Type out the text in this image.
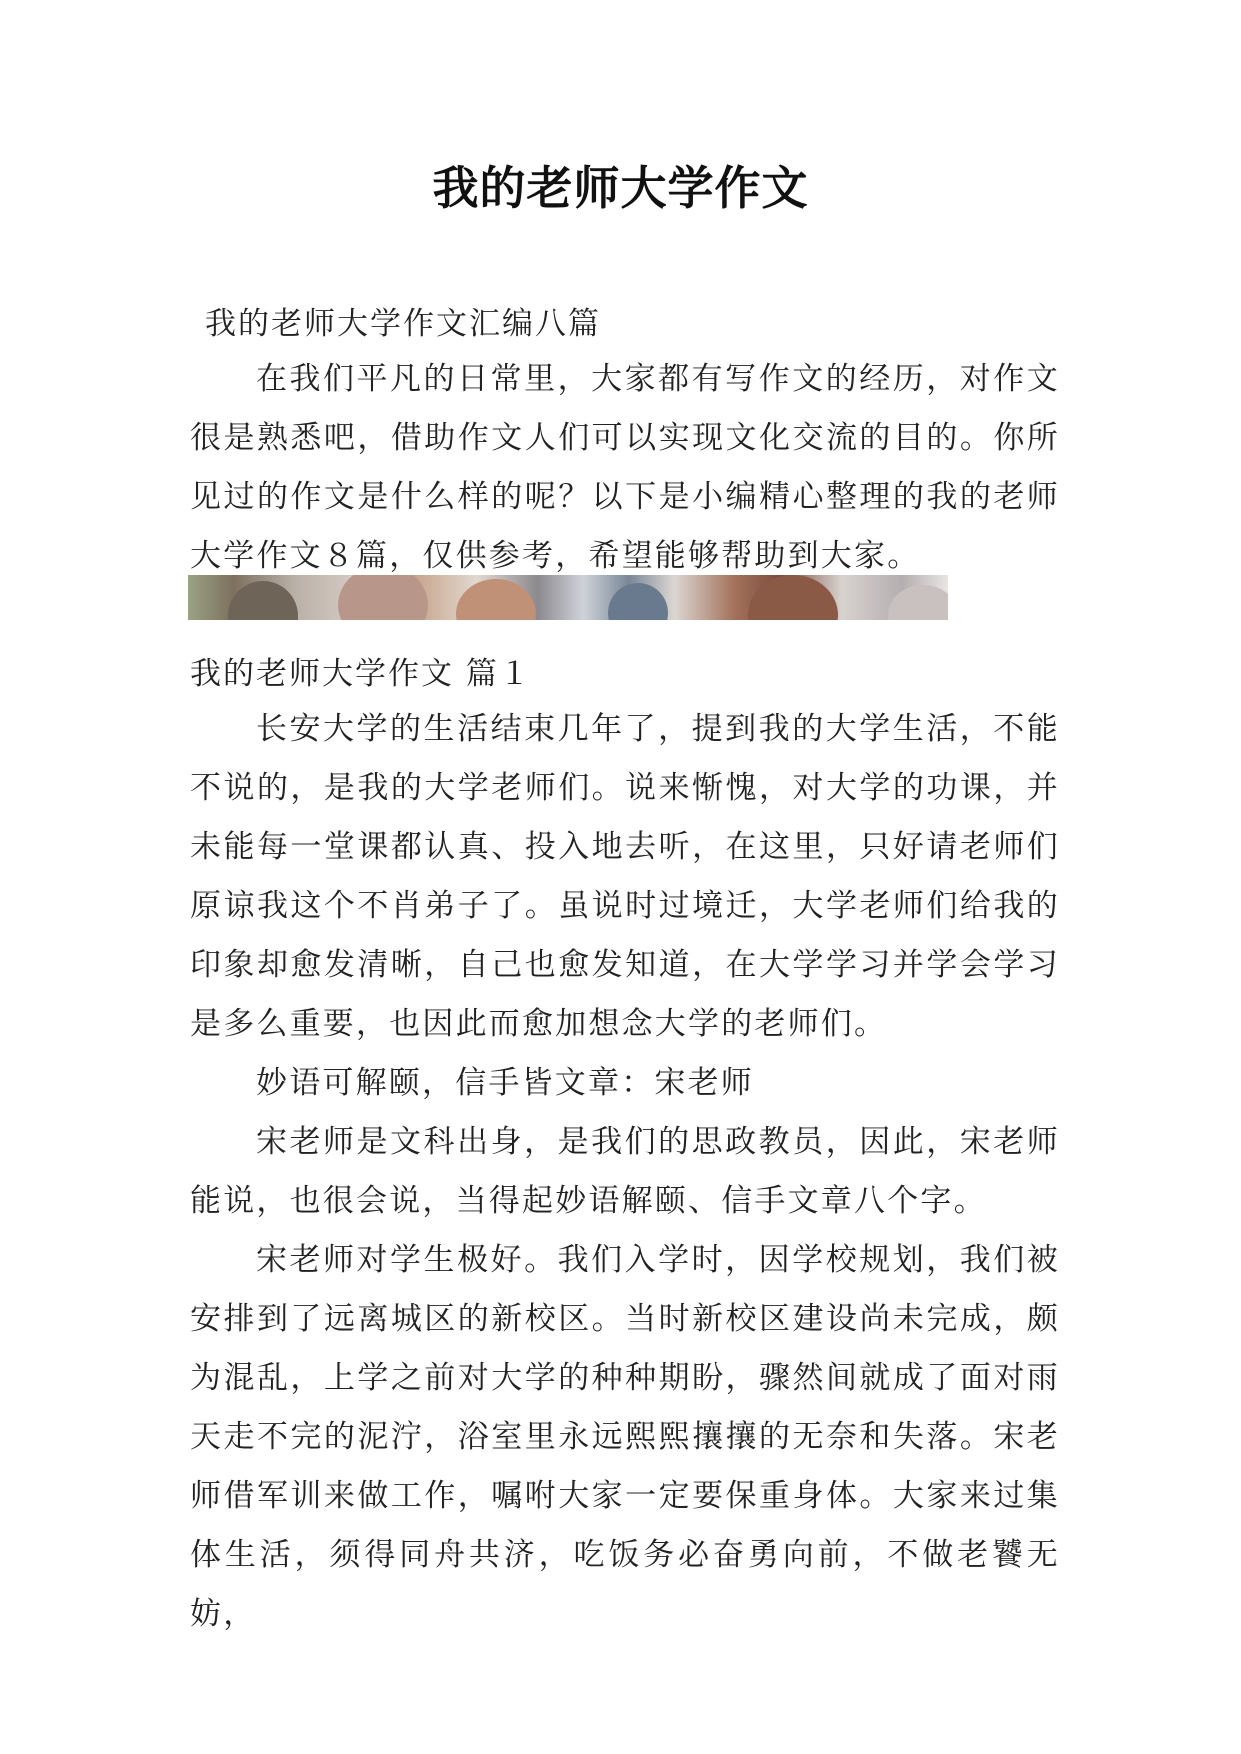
我的老师大学作文

我的老师大学作文汇编八篇

在我们平凡的日常里，大家都有写作文的经历，对作文很是熟悉吧，借助作文人们可以实现文化交流的目的。你所见过的作文是什么样的呢？以下是小编精心整理的我的老师大学作文８篇，仅供参考，希望能够帮助到大家。

我的老师大学作文 篇１

长安大学的生活结束几年了，提到我的大学生活，不能不说的，是我的大学老师们。说来惭愧，对大学的功课，并未能每一堂课都认真、投入地去听，在这里，只好请老师们原谅我这个不肖弟子了。虽说时过境迁，大学老师们给我的印象却愈发清晰，自己也愈发知道，在大学学习并学会学习是多么重要，也因此而愈加想念大学的老师们。

妙语可解颐，信手皆文章：宋老师

宋老师是文科出身，是我们的思政教员，因此，宋老师能说，也很会说，当得起妙语解颐、信手文章八个字。

宋老师对学生极好。我们入学时，因学校规划，我们被安排到了远离城区的新校区。当时新校区建设尚未完成，颇为混乱，上学之前对大学的种种期盼，骤然间就成了面对雨天走不完的泥泞，浴室里永远熙熙攘攘的无奈和失落。宋老师借军训来做工作，嘱咐大家一定要保重身体。大家来过集体生活，须得同舟共济，吃饭务必奋勇向前，不做老饕无妨，
